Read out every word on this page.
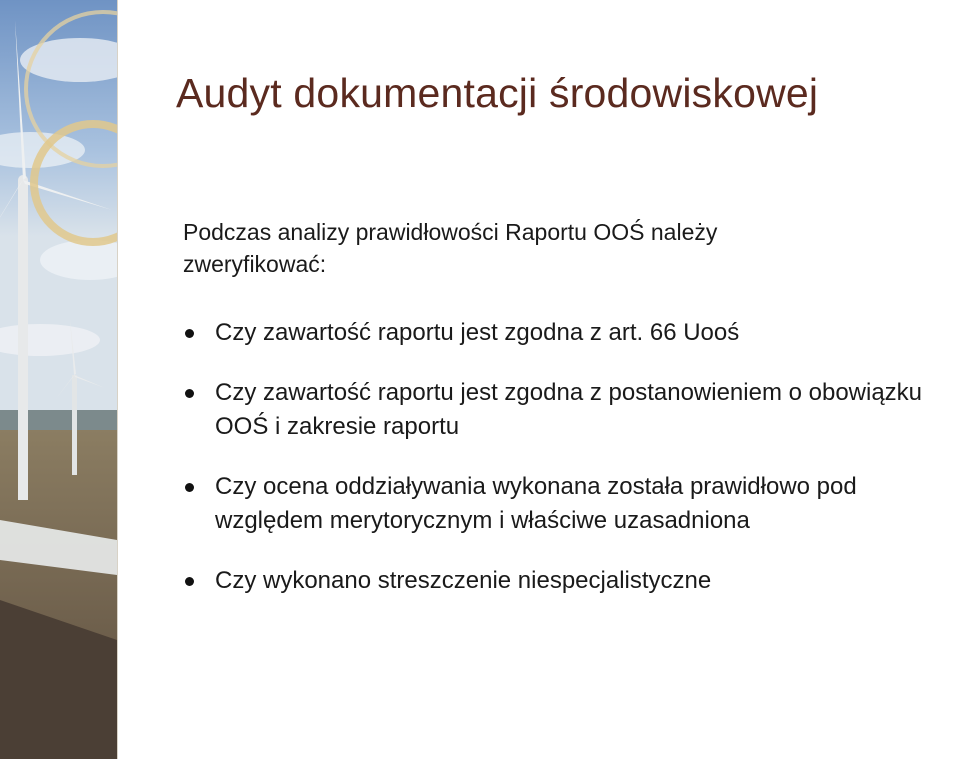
Audyt dokumentacji środowiskowej
Podczas analizy prawidłowości Raportu OOŚ należy zweryfikować:
Czy zawartość raportu jest zgodna z art. 66 Uooś
Czy zawartość raportu jest zgodna z postanowieniem o obowiązku OOŚ i zakresie raportu
Czy ocena oddziaływania wykonana została prawidłowo pod względem merytorycznym i właściwe uzasadniona
Czy wykonano streszczenie niespecjalistyczne
